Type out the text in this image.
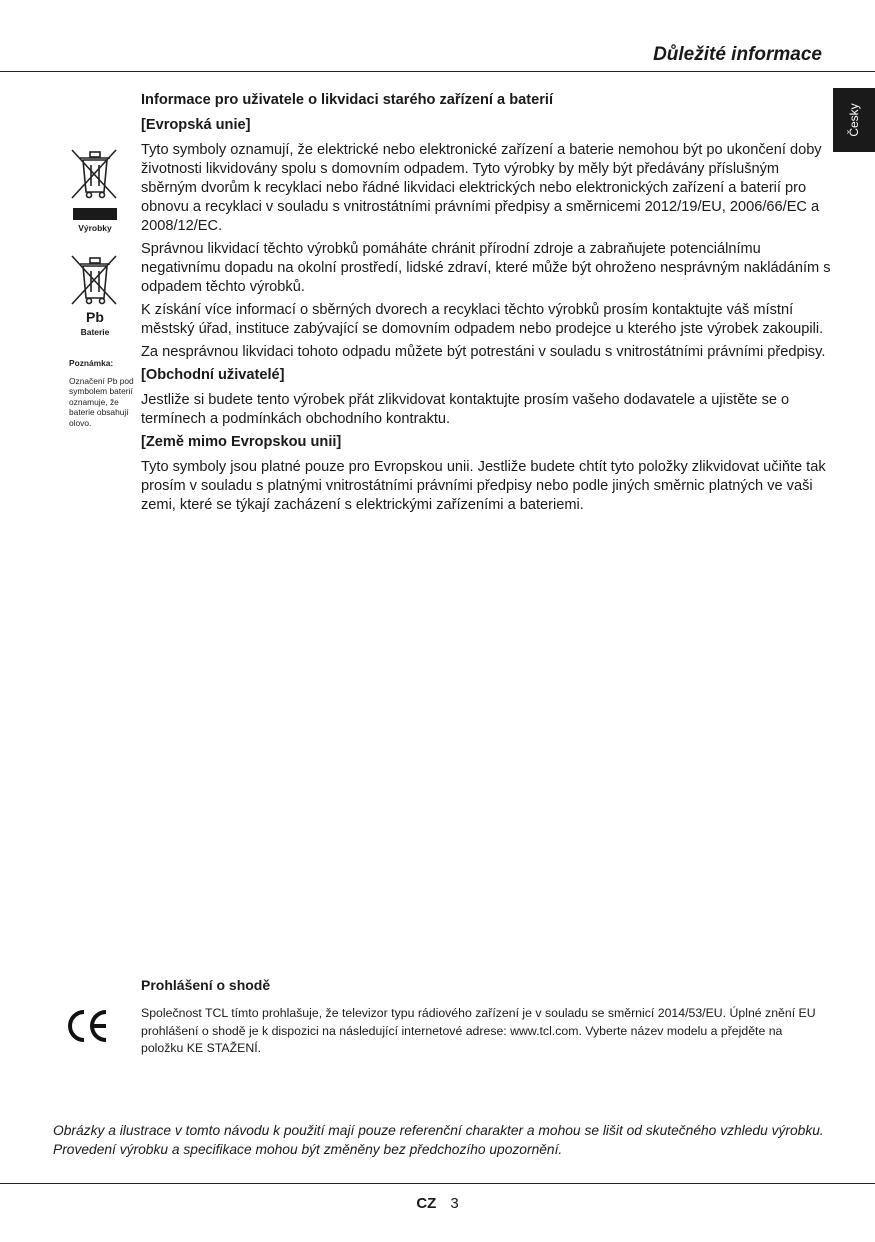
Důležité informace
Česky
Výrobky
Pb
Baterie
Poznámka:
Označení Pb pod symbolem baterií oznamuje, že baterie obsahují olovo.
Informace pro uživatele o likvidaci starého zařízení a baterií
[Evropská unie]

Tyto symboly oznamují, že elektrické nebo elektronické zařízení a baterie nemohou být po ukončení doby životnosti likvidovány spolu s domovním odpadem. Tyto výrobky by měly být předávány příslušným sběrným dvorům k recyklaci nebo řádné likvidaci elektrických nebo elektronických zařízení a baterií pro obnovu a recyklaci v souladu s vnitrostátními právními předpisy a směrnicemi 2012/19/EU, 2006/66/EC a 2008/12/EC.

Správnou likvidací těchto výrobků pomáháte chránit přírodní zdroje a zabraňujete potenciálnímu negativnímu dopadu na okolní prostředí, lidské zdraví, které může být ohroženo nesprávným nakládáním s odpadem těchto výrobků.

K získání více informací o sběrných dvorech a recyklaci těchto výrobků prosím kontaktujte váš místní městský úřad, instituce zabývající se domovním odpadem nebo prodejce u kterého jste výrobek zakoupili.

Za nesprávnou likvidaci tohoto odpadu můžete být potrestáni v souladu s vnitrostátními právními předpisy.

[Obchodní uživatelé]

Jestliže si budete tento výrobek přát zlikvidovat kontaktujte prosím vašeho dodavatele a ujistěte se o termínech a podmínkách obchodního kontraktu.

[Země mimo Evropskou unii]

Tyto symboly jsou platné pouze pro Evropskou unii. Jestliže budete chtít tyto položky zlikvidovat učiňte tak prosím v souladu s platnými vnitrostátními právními předpisy nebo podle jiných směrnic platných ve vaši zemi, které se týkají zacházení s elektrickými zařízeními a bateriemi.

Prohlášení o shodě
Společnost TCL tímto prohlašuje, že televizor typu rádiového zařízení je v souladu se směrnicí 2014/53/EU. Úplné znění EU prohlášení o shodě je k dispozici na následující internetové adrese: www.tcl.com. Vyberte název modelu a přejděte na položku KE STAŽENÍ.
Obrázky a ilustrace v tomto návodu k použití mají pouze referenční charakter a mohou se lišit od skutečného vzhledu výrobku. Provedení výrobku a specifikace mohou být změněny bez předchozího upozornění.
CZ 3
